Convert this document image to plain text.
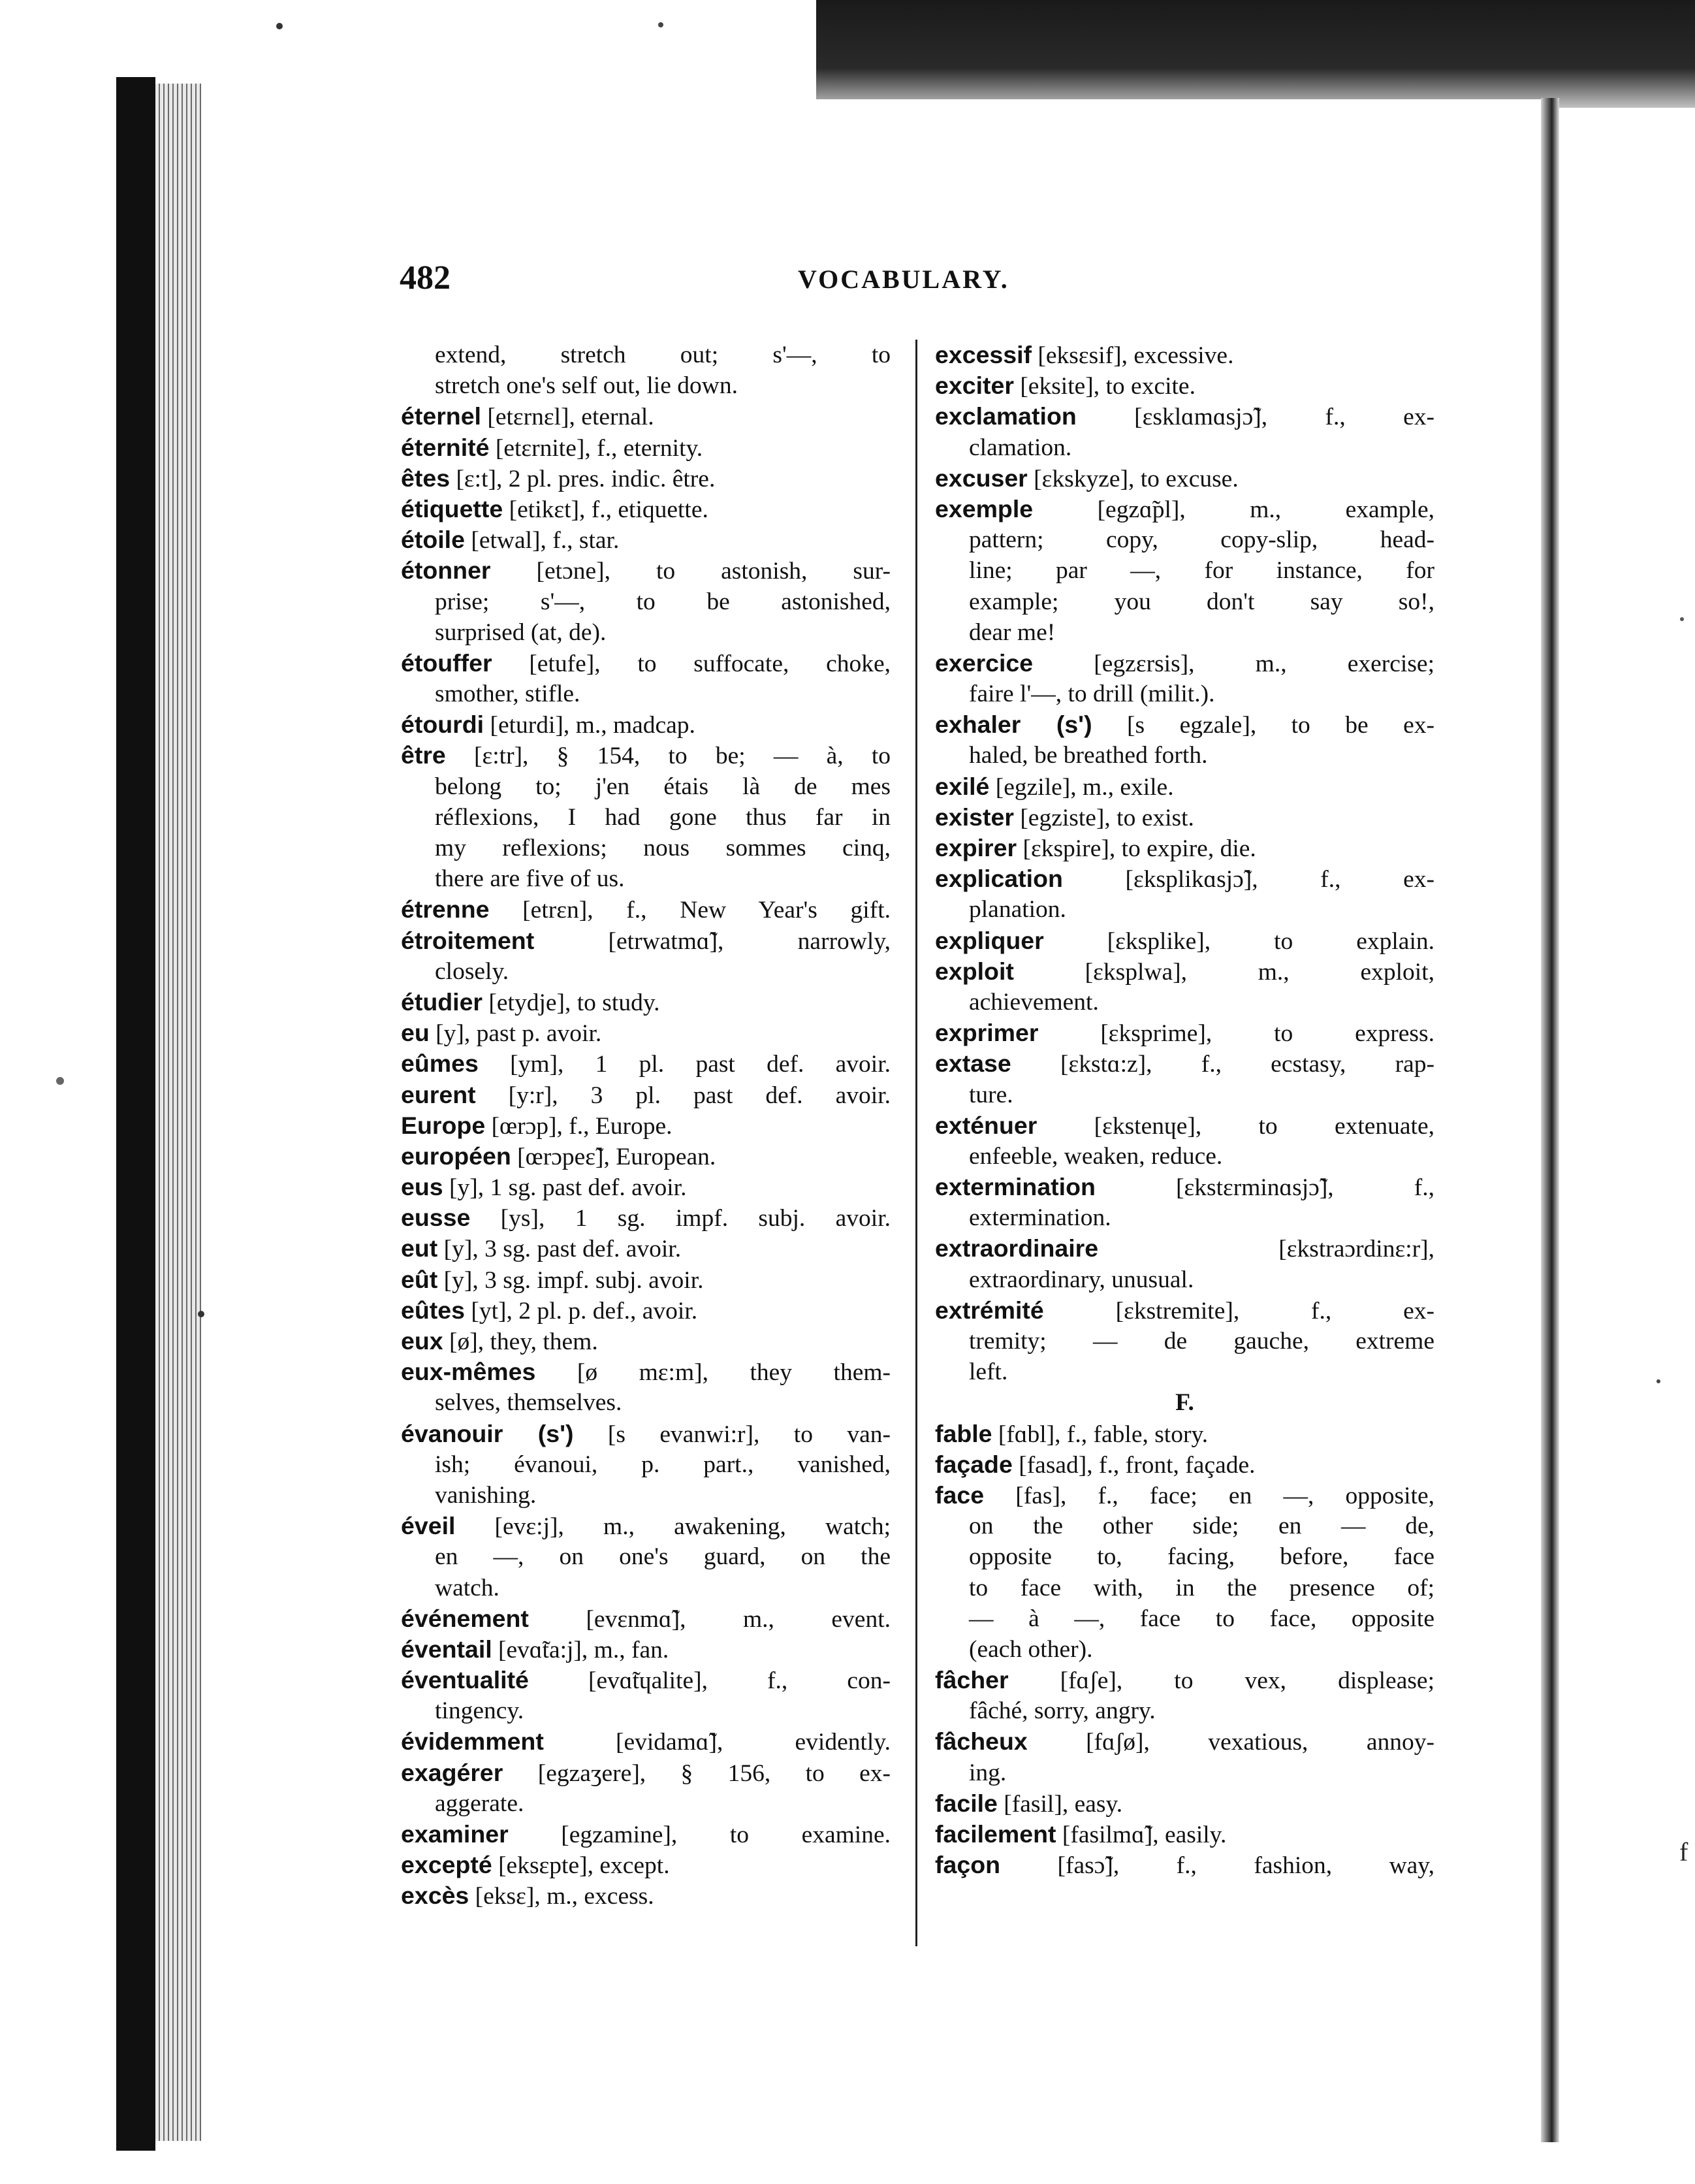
f
482	VOCABULARY.
extend, stretch out; s'—, to
stretch one's self out, lie down.
éternel [etεrnεl], eternal.
éternité [etεrnite], f., eternity.
êtes [ε:t], 2 pl. pres. indic. être.
étiquette [etikεt], f., etiquette.
étoile [etwal], f., star.
étonner [etɔne], to astonish, sur-
prise; s'—, to be astonished,
surprised (at, de).
étouffer [etufe], to suffocate, choke,
smother, stifle.
étourdi [eturdi], m., madcap.
être [ε:tr], § 154, to be; — à, to
belong to; j'en étais là de mes
réflexions, I had gone thus far in
my reflexions; nous sommes cinq,
there are five of us.
étrenne [etrεn], f., New Year's gift.
étroitement [etrwatmɑ̃], narrowly,
closely.
étudier [etydje], to study.
eu [y], past p. avoir.
eûmes [ym], 1 pl. past def. avoir.
eurent [y:r], 3 pl. past def. avoir.
Europe [œrɔp], f., Europe.
européen [œrɔpeε̃], European.
eus [y], 1 sg. past def. avoir.
eusse [ys], 1 sg. impf. subj. avoir.
eut [y], 3 sg. past def. avoir.
eût [y], 3 sg. impf. subj. avoir.
eûtes [yt], 2 pl. p. def., avoir.
eux [ø], they, them.
eux-mêmes [ø mε:m], they them-
selves, themselves.
évanouir (s') [s evanwi:r], to van-
ish; évanoui, p. part., vanished,
vanishing.
éveil [evε:j], m., awakening, watch;
en —, on one's guard, on the
watch.
événement [evεnmɑ̃], m., event.
éventail [evɑ̃ta:j], m., fan.
éventualité [evɑ̃tɥalite], f., con-
tingency.
évidemment [evidamɑ̃], evidently.
exagérer [egzaʒere], § 156, to ex-
aggerate.
examiner [egzamine], to examine.
excepté [eksεpte], except.
excès [eksε], m., excess.
excessif [eksεsif], excessive.
exciter [eksite], to excite.
exclamation [εsklɑmɑsjɔ̃], f., ex-
clamation.
excuser [εkskyze], to excuse.
exemple [egzɑ̃pl], m., example,
pattern; copy, copy-slip, head-
line; par —, for instance, for
example; you don't say so!,
dear me!
exercice [egzεrsis], m., exercise;
faire l'—, to drill (milit.).
exhaler (s') [s egzale], to be ex-
haled, be breathed forth.
exilé [egzile], m., exile.
exister [egziste], to exist.
expirer [εkspire], to expire, die.
explication [εksplikɑsjɔ̃], f., ex-
planation.
expliquer [εksplike], to explain.
exploit [εksplwa], m., exploit,
achievement.
exprimer [εksprime], to express.
extase [εkstɑ:z], f., ecstasy, rap-
ture.
exténuer [εkstenɥe], to extenuate,
enfeeble, weaken, reduce.
extermination [εkstεrminɑsjɔ̃], f.,
extermination.
extraordinaire [εkstraɔrdinε:r],
extraordinary, unusual.
extrémité [εkstremite], f., ex-
tremity; — de gauche, extreme
left.
F.
fable [fɑbl], f., fable, story.
façade [fasad], f., front, façade.
face [fas], f., face; en —, opposite,
on the other side; en — de,
opposite to, facing, before, face
to face with, in the presence of;
— à —, face to face, opposite
(each other).
fâcher [fɑʃe], to vex, displease;
fâché, sorry, angry.
fâcheux [fɑʃø], vexatious, annoy-
ing.
facile [fasil], easy.
facilement [fasilmɑ̃], easily.
façon [fasɔ̃], f., fashion, way,
